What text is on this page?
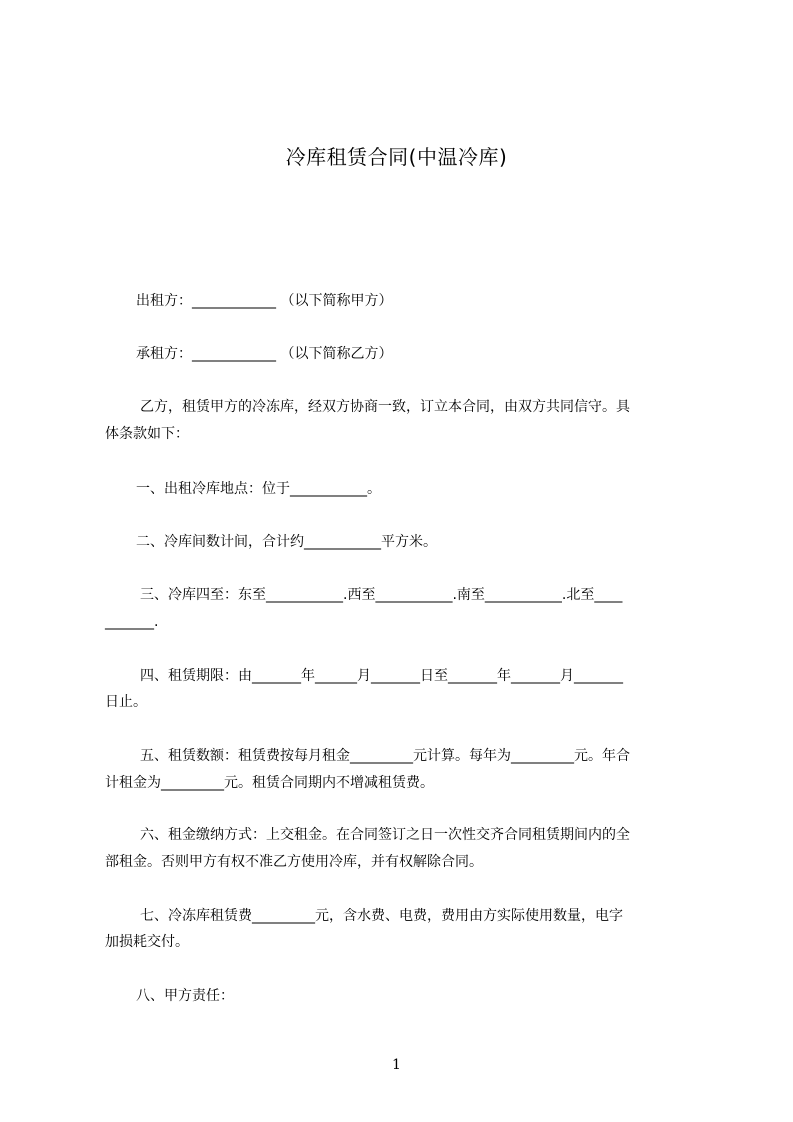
冷库租赁合同(中温冷库)
出租方：____________ （以下简称甲方）
承租方：____________ （以下简称乙方）
乙方，租赁甲方的冷冻库，经双方协商一致，订立本合同，由双方共同信守。具
体条款如下：
一、出租冷库地点：位于___________。
二、冷库间数计间，合计约___________平方米。
三、冷库四至：东至___________.西至___________.南至___________.北至____
_______.
四、租赁期限：由_______年______月_______日至_______年_______月_______
日止。
五、租赁数额：租赁费按每月租金_________元计算。每年为_________元。年合
计租金为_________元。租赁合同期内不增减租赁费。
六、租金缴纳方式：上交租金。在合同签订之日一次性交齐合同租赁期间内的全
部租金。否则甲方有权不准乙方使用冷库，并有权解除合同。
七、冷冻库租赁费_________元，含水费、电费，费用由方实际使用数量，电字
加损耗交付。
八、甲方责任：
1
